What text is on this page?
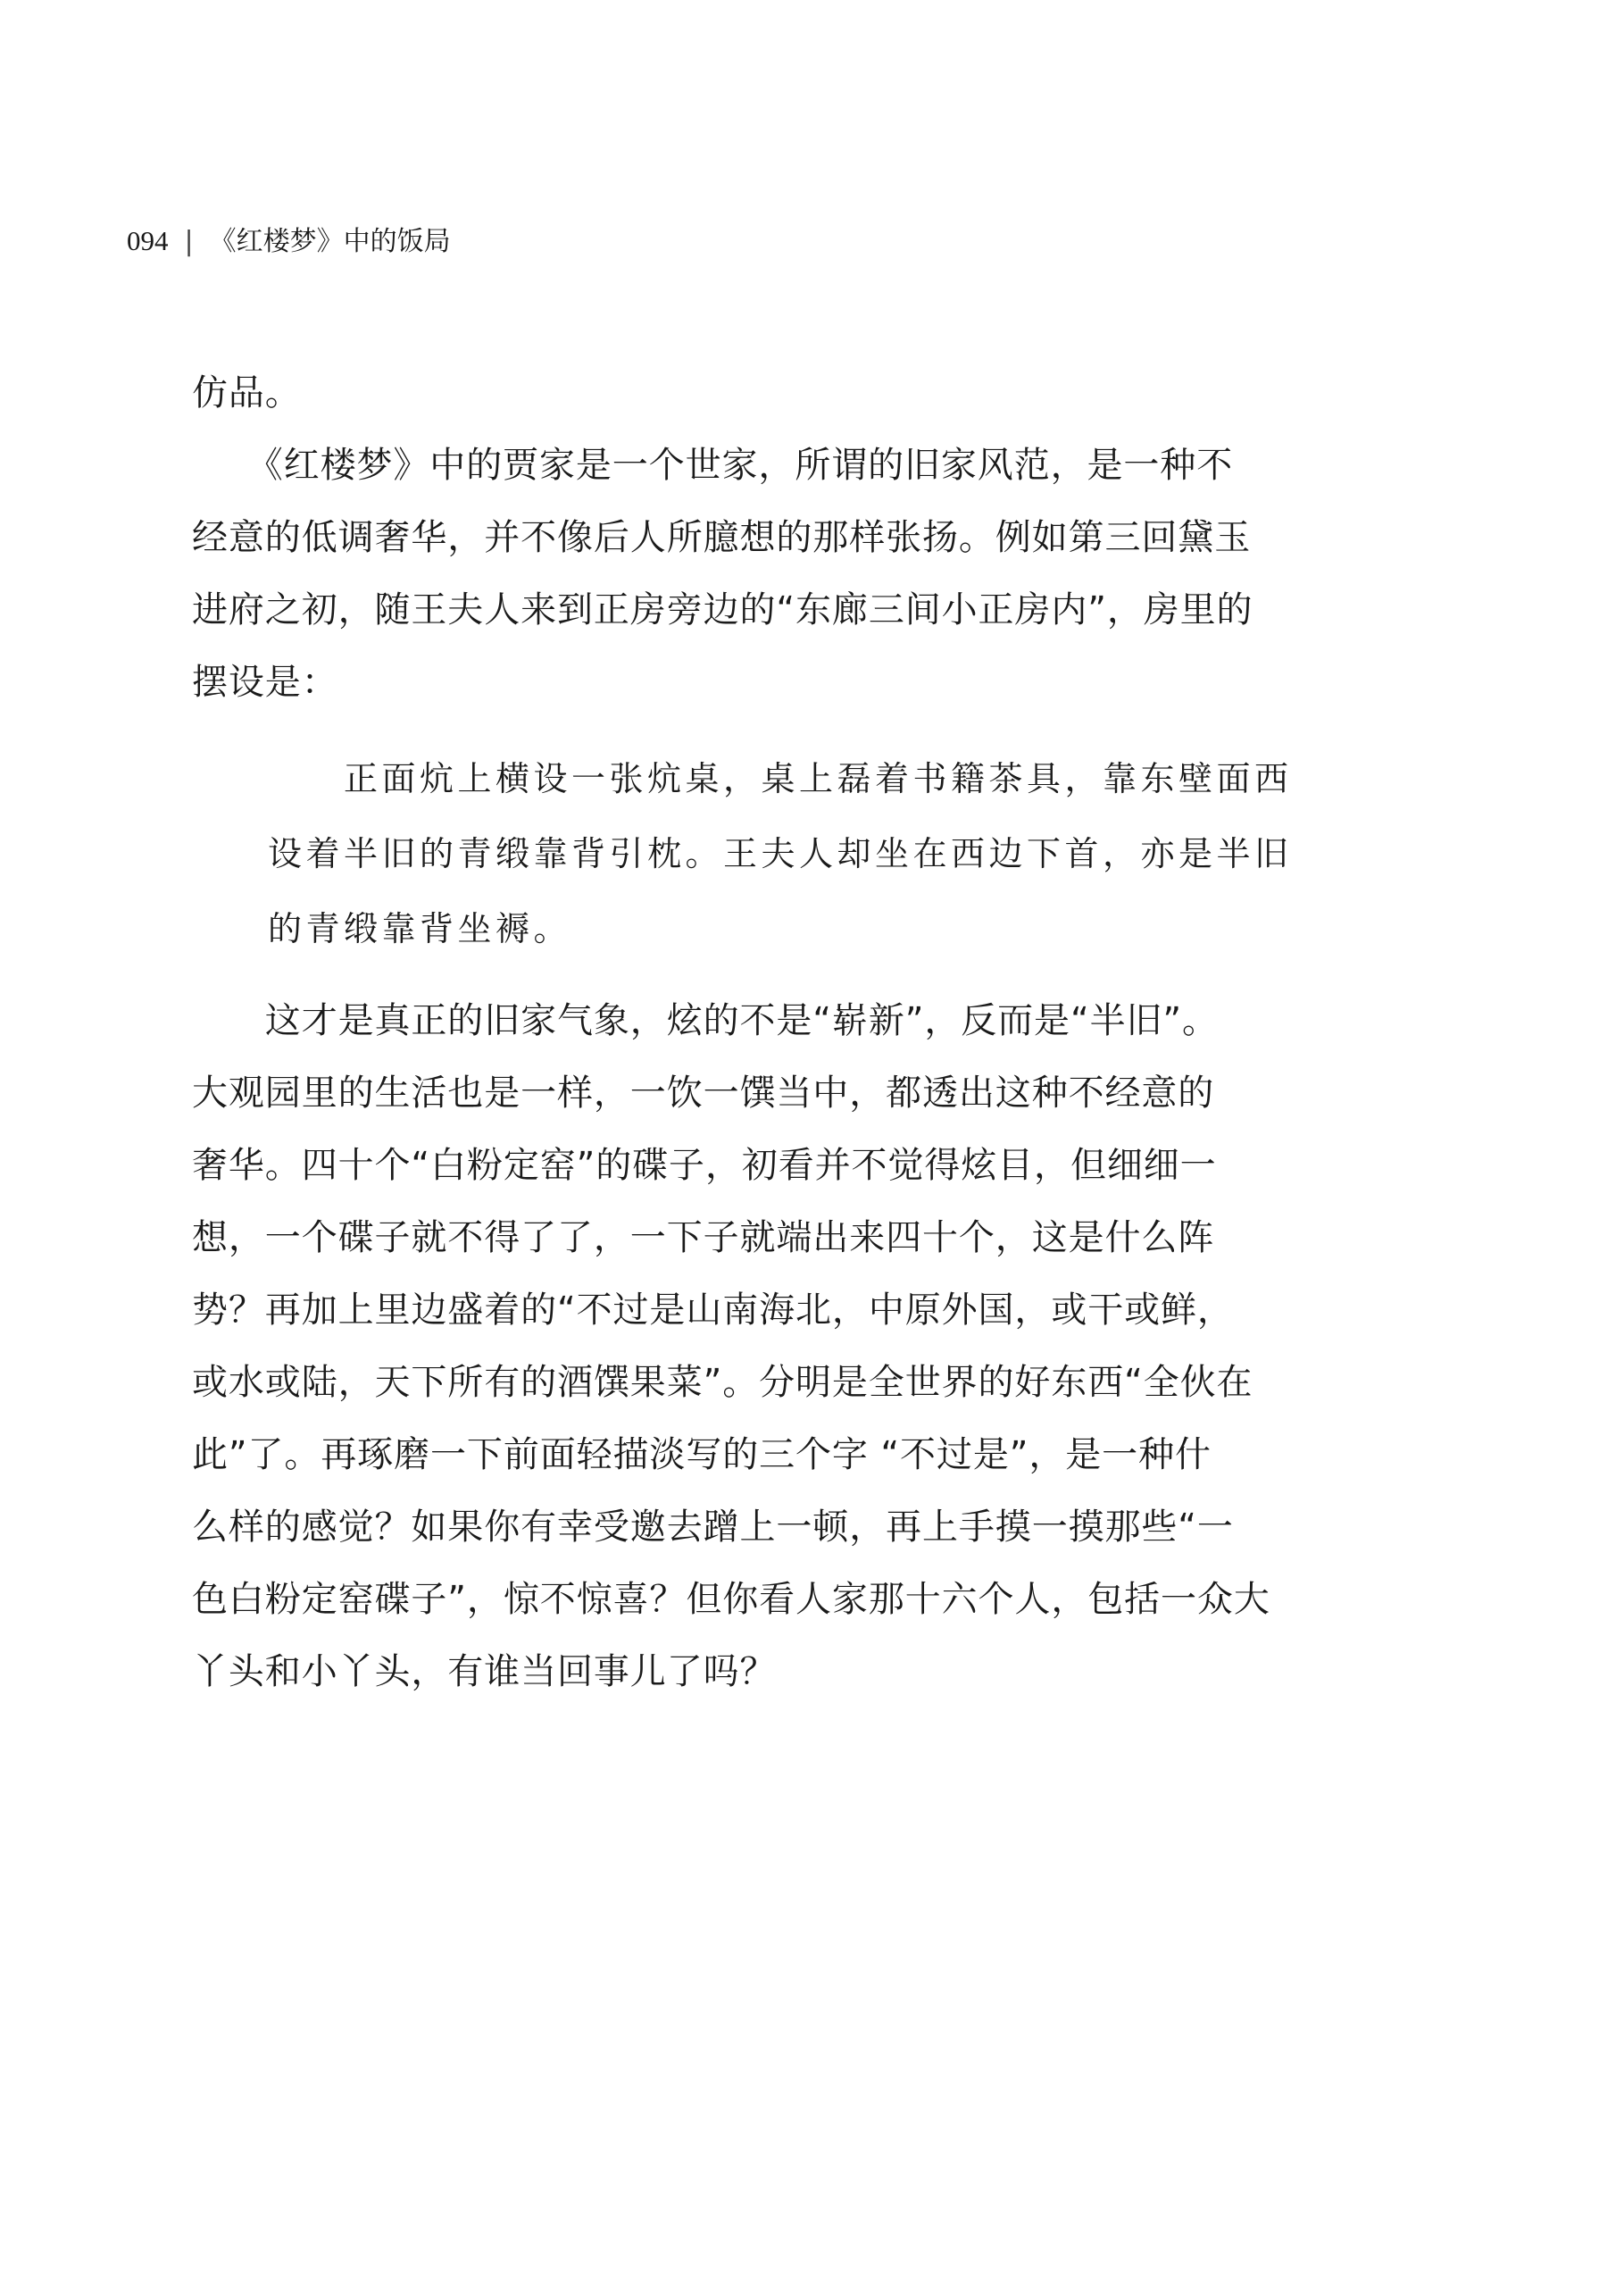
094 | 《红楼梦》中的饭局
仿品。
　　《红楼梦》中的贾家是一个世家，所谓的旧家风范，是一种不
经意的低调奢华，并不像后人所臆想的那样张扬。例如第三回黛玉
进府之初，随王夫人来到正房旁边的“东廊三间小正房内”，房里的
摆设是：
　　正面炕上横设一张炕桌，桌上磊着书籍茶具，靠东壁面西
设着半旧的青缎靠背引枕。王夫人却坐在西边下首，亦是半旧
的青缎靠背坐褥。
　　这才是真正的旧家气象，炫的不是“崭新”，反而是“半旧”。
大观园里的生活也是一样，一饮一馔当中，都透出这种不经意的
奢华。四十个“白粉定窑”的碟子，初看并不觉得炫目，但细细一
想，一个碟子就不得了了，一下子就端出来四十个，这是什么阵
势？再加上里边盛着的“不过是山南海北，中原外国，或干或鲜，
或水或陆，天下所有的酒馔果菜”。分明是全世界的好东西“全伙在
此”了。再琢磨一下前面轻描淡写的三个字 “不过是”，是一种什
么样的感觉？如果你有幸受邀去蹭上一顿，再上手摸一摸那些“一
色白粉定窑碟子”，惊不惊喜？但你看人家那十六个人，包括一众大
丫头和小丫头，有谁当回事儿了吗？
